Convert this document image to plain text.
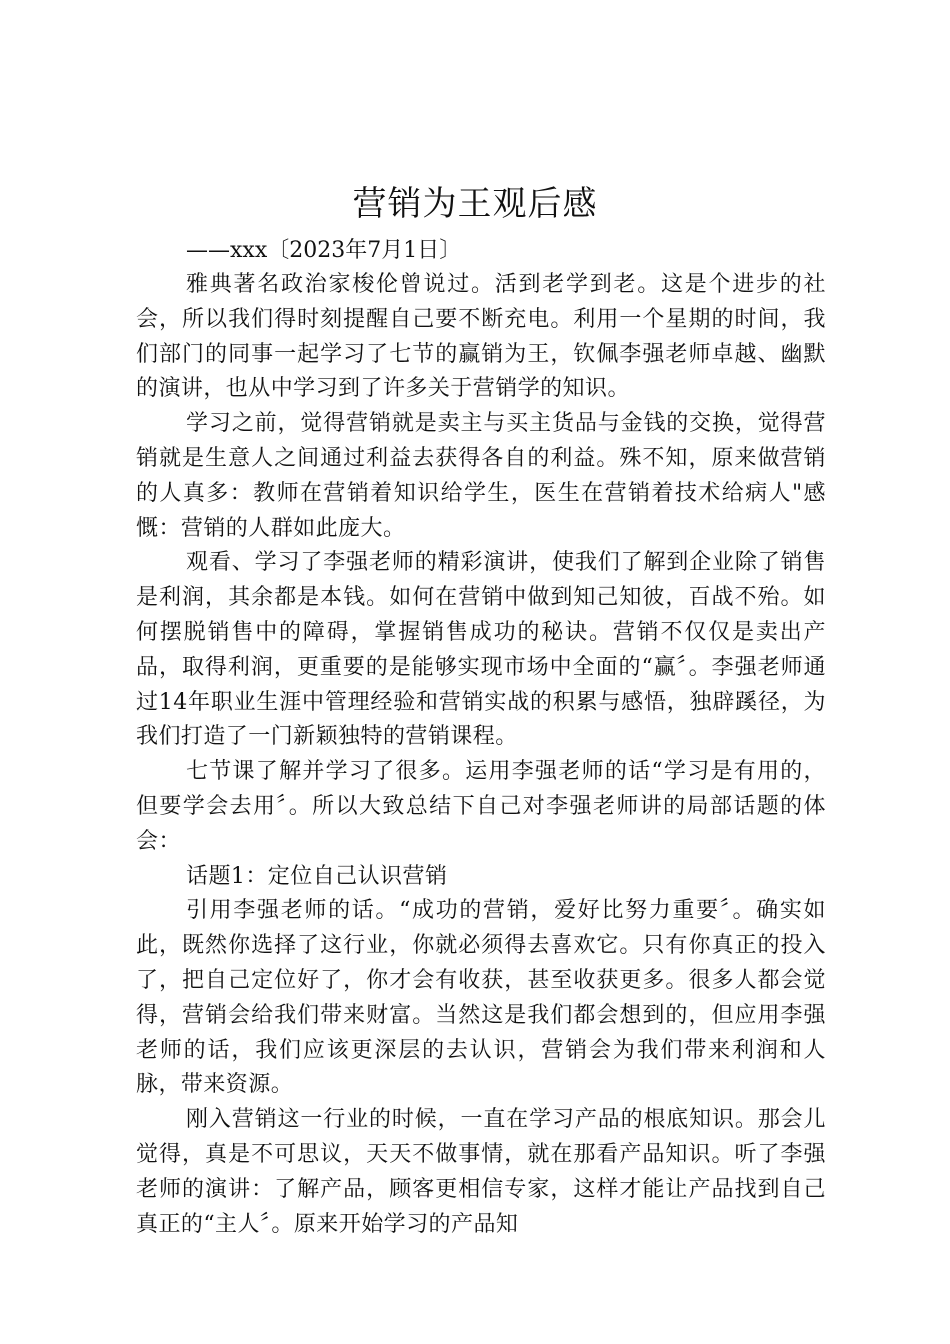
营销为王观后感
——xxx〔2023年7月1日〕

雅典著名政治家梭伦曾说过。活到老学到老。这是个进步的社会，所以我们得时刻提醒自己要不断充电。利用一个星期的时间，我们部门的同事一起学习了七节的赢销为王，钦佩李强老师卓越、幽默的演讲，也从中学习到了许多关于营销学的知识。

学习之前，觉得营销就是卖主与买主货品与金钱的交换，觉得营销就是生意人之间通过利益去获得各自的利益。殊不知，原来做营销的人真多：教师在营销着知识给学生，医生在营销着技术给病人"感慨：营销的人群如此庞大。

观看、学习了李强老师的精彩演讲，使我们了解到企业除了销售是利润，其余都是本钱。如何在营销中做到知己知彼，百战不殆。如何摆脱销售中的障碍，掌握销售成功的秘诀。营销不仅仅是卖出产品，取得利润，更重要的是能够实现市场中全面的“赢〞。李强老师通过14年职业生涯中管理经验和营销实战的积累与感悟，独辟蹊径，为我们打造了一门新颖独特的营销课程。

七节课了解并学习了很多。运用李强老师的话“学习是有用的，但要学会去用〞。所以大致总结下自己对李强老师讲的局部话题的体会：

话题1：定位自己认识营销

引用李强老师的话。“成功的营销，爱好比努力重要〞。确实如此，既然你选择了这行业，你就必须得去喜欢它。只有你真正的投入了，把自己定位好了，你才会有收获，甚至收获更多。很多人都会觉得，营销会给我们带来财富。当然这是我们都会想到的，但应用李强老师的话，我们应该更深层的去认识，营销会为我们带来利润和人脉，带来资源。

刚入营销这一行业的时候，一直在学习产品的根底知识。那会儿觉得，真是不可思议，天天不做事情，就在那看产品知识。听了李强老师的演讲：了解产品，顾客更相信专家，这样才能让产品找到自己真正的“主人〞。原来开始学习的产品知
